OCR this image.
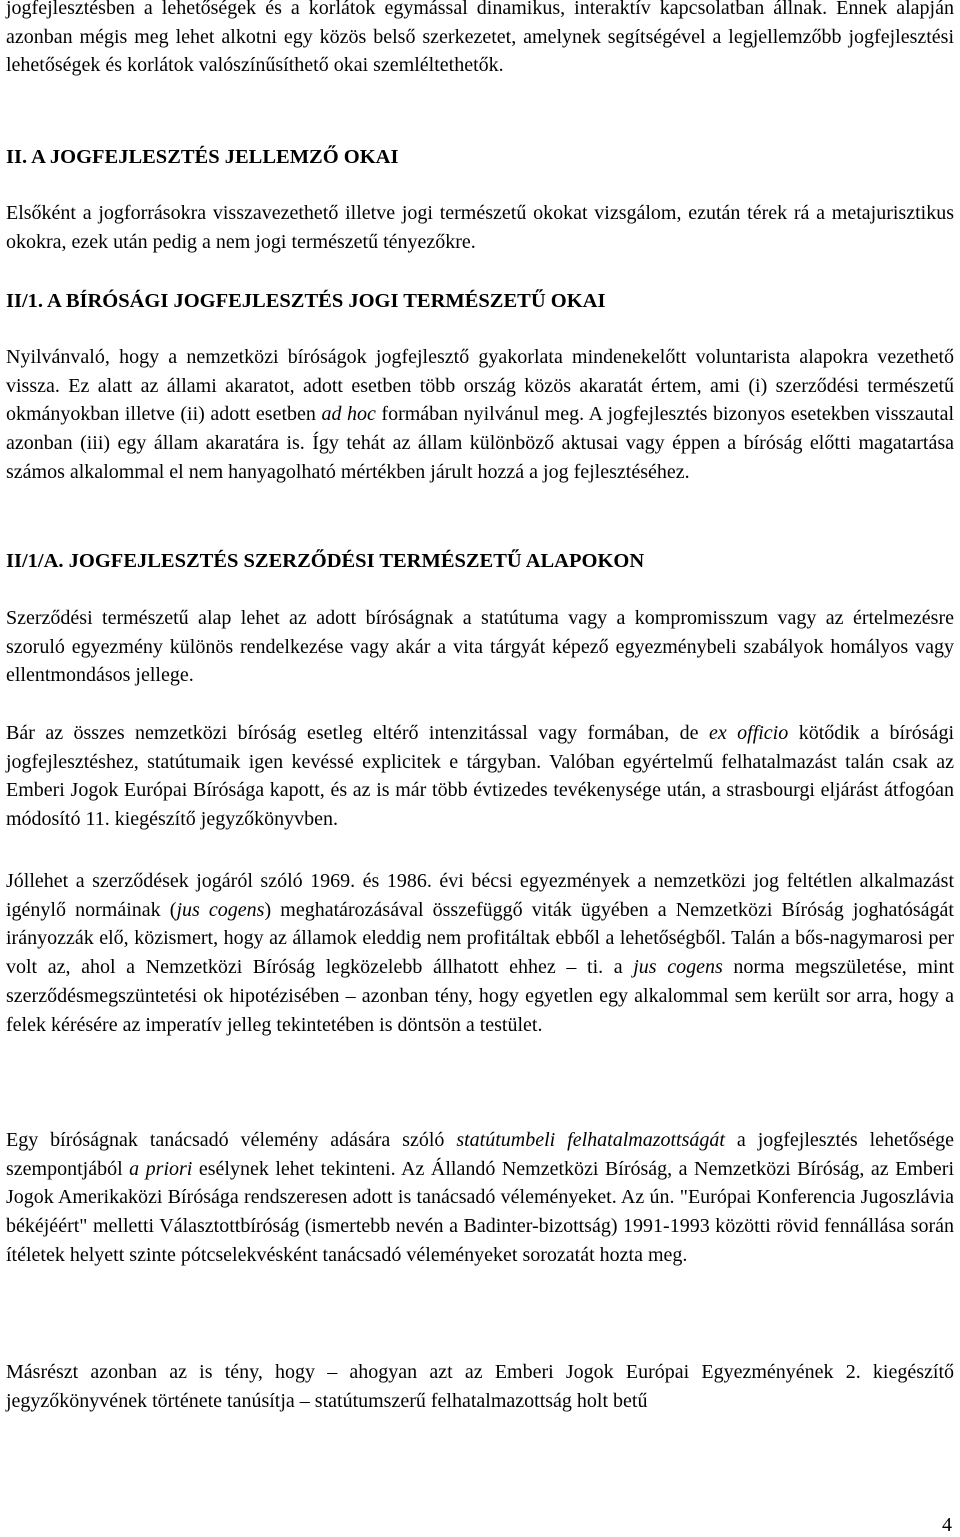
jogfejlesztésben a lehetőségek és a korlátok egymással dinamikus, interaktív kapcsolatban állnak. Ennek alapján azonban mégis meg lehet alkotni egy közös belső szerkezetet, amelynek segítségével a legjellemzőbb jogfejlesztési lehetőségek és korlátok valószínűsíthető okai szemléltethetők.

II. A JOGFEJLESZTÉS JELLEMZŐ OKAI

Elsőként a jogforrásokra visszavezethető illetve jogi természetű okokat vizsgálom, ezután térek rá a metajurisztikus okokra, ezek után pedig a nem jogi természetű tényezőkre.

II/1. A BÍRÓSÁGI JOGFEJLESZTÉS JOGI TERMÉSZETŰ OKAI

Nyilvánvaló, hogy a nemzetközi bíróságok jogfejlesztő gyakorlata mindenekelőtt voluntarista alapokra vezethető vissza. Ez alatt az állami akaratot, adott esetben több ország közös akaratát értem, ami (i) szerződési természetű okmányokban illetve (ii) adott esetben ad hoc formában nyilvánul meg. A jogfejlesztés bizonyos esetekben visszautal azonban (iii) egy állam akaratára is. Így tehát az állam különböző aktusai vagy éppen a bíróság előtti magatartása számos alkalommal el nem hanyagolható mértékben járult hozzá a jog fejlesztéséhez.

II/1/A. JOGFEJLESZTÉS SZERZŐDÉSI TERMÉSZETŰ ALAPOKON

Szerződési természetű alap lehet az adott bíróságnak a statútuma vagy a kompromisszum vagy az értelmezésre szoruló egyezmény különös rendelkezése vagy akár a vita tárgyát képező egyezménybeli szabályok homályos vagy ellentmondásos jellege.

Bár az összes nemzetközi bíróság esetleg eltérő intenzitással vagy formában, de ex officio kötődik a bírósági jogfejlesztéshez, statútumaik igen kevéssé explicitek e tárgyban. Valóban egyértelmű felhatalmazást talán csak az Emberi Jogok Európai Bírósága kapott, és az is már több évtizedes tevékenysége után, a strasbourgi eljárást átfogóan módosító 11. kiegészítő jegyzőkönyvben.

Jóllehet a szerződések jogáról szóló 1969. és 1986. évi bécsi egyezmények a nemzetközi jog feltétlen alkalmazást igénylő normáinak (jus cogens) meghatározásával összefüggő viták ügyében a Nemzetközi Bíróság joghatóságát irányozzák elő, közismert, hogy az államok eleddig nem profitáltak ebből a lehetőségből. Talán a bős-nagymarosi per volt az, ahol a Nemzetközi Bíróság legközelebb állhatott ehhez – ti. a jus cogens norma megszületése, mint szerződésmegszüntetési ok hipotézisében – azonban tény, hogy egyetlen egy alkalommal sem került sor arra, hogy a felek kérésére az imperatív jelleg tekintetében is döntsön a testület.

Egy bíróságnak tanácsadó vélemény adására szóló statútumbeli felhatalmazottságát a jogfejlesztés lehetősége szempontjából a priori esélynek lehet tekinteni. Az Állandó Nemzetközi Bíróság, a Nemzetközi Bíróság, az Emberi Jogok Amerikaközi Bírósága rendszeresen adott is tanácsadó véleményeket. Az ún. "Európai Konferencia Jugoszlávia békéjéért" melletti Választottbíróság (ismertebb nevén a Badinter-bizottság) 1991-1993 közötti rövid fennállása során ítéletek helyett szinte pótcselekvésként tanácsadó véleményeket sorozatát hozta meg.

Másrészt azonban az is tény, hogy – ahogyan azt az Emberi Jogok Európai Egyezményének 2. kiegészítő jegyzőkönyvének története tanúsítja – statútumszerű felhatalmazottság holt betű

4
